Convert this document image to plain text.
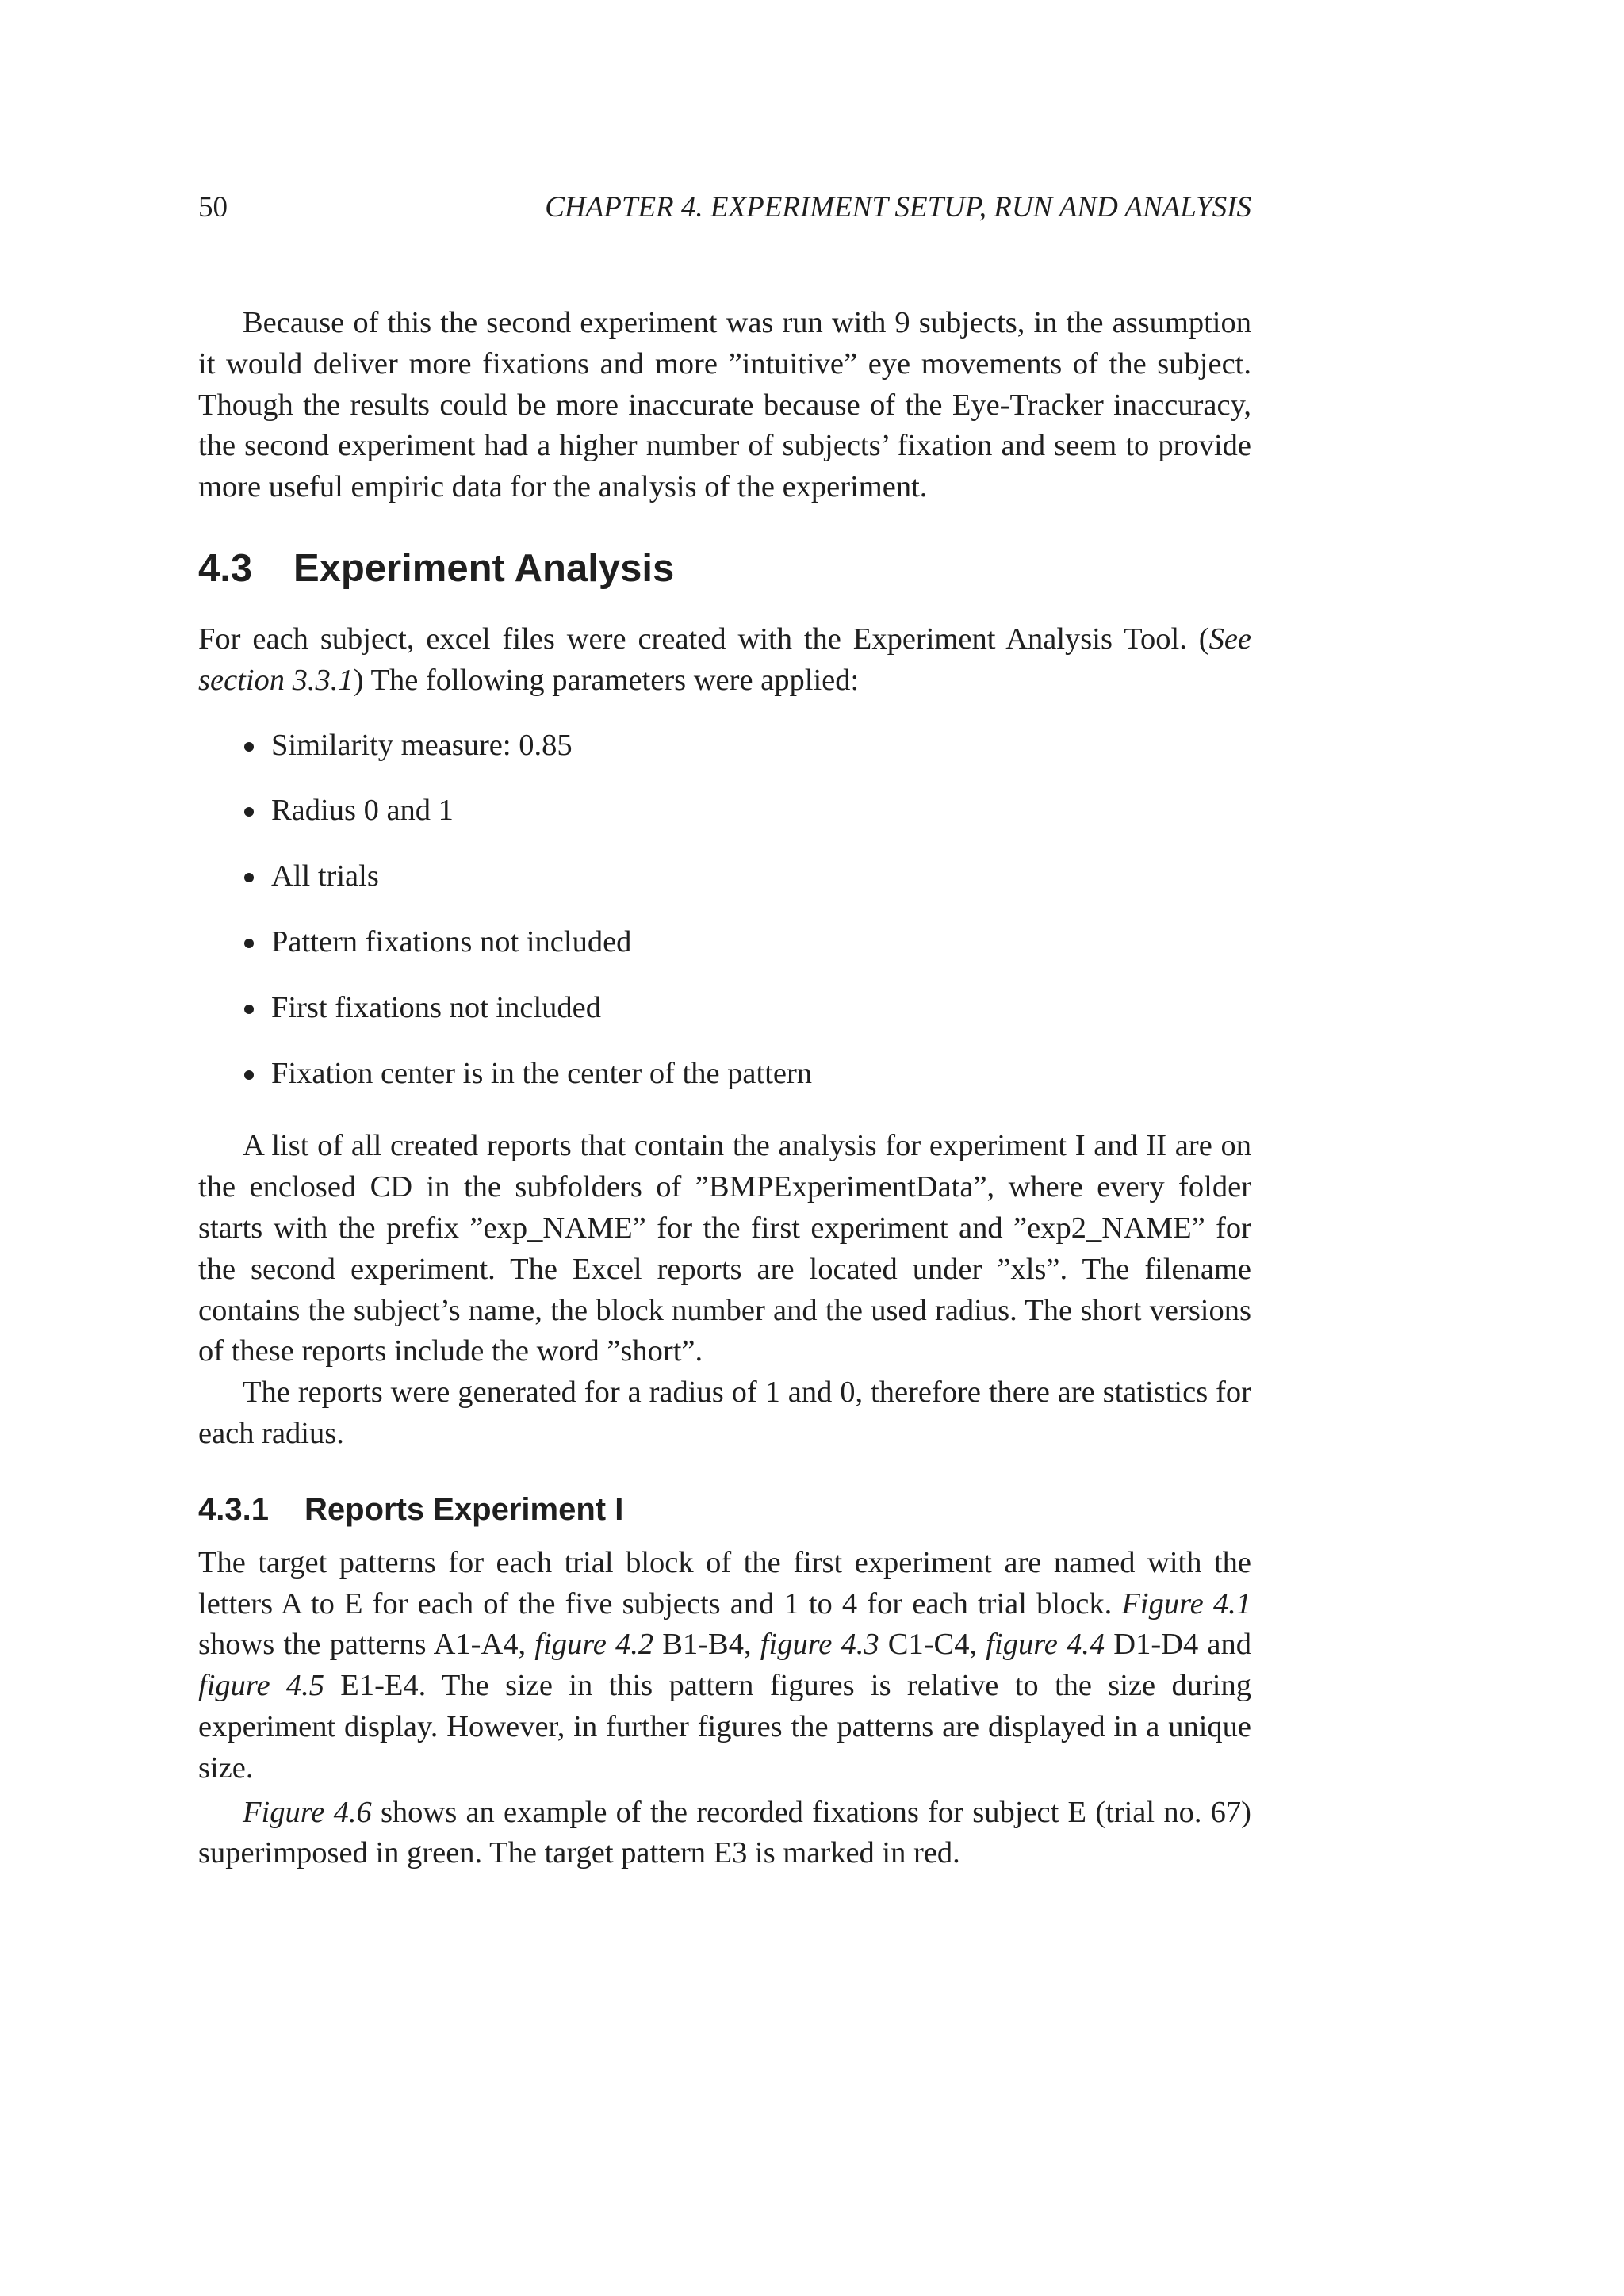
50	CHAPTER 4. EXPERIMENT SETUP, RUN AND ANALYSIS

Because of this the second experiment was run with 9 subjects, in the assumption it would deliver more fixations and more ”intuitive” eye movements of the subject. Though the results could be more inaccurate because of the Eye-Tracker inaccuracy, the second experiment had a higher number of subjects’ fixation and seem to provide more useful empiric data for the analysis of the experiment.

4.3 Experiment Analysis

For each subject, excel files were created with the Experiment Analysis Tool. (See section 3.3.1) The following parameters were applied:

Similarity measure: 0.85
Radius 0 and 1
All trials
Pattern fixations not included
First fixations not included
Fixation center is in the center of the pattern

A list of all created reports that contain the analysis for experiment I and II are on the enclosed CD in the subfolders of ”BMPExperimentData”, where every folder starts with the prefix ”exp_NAME” for the first experiment and ”exp2_NAME” for the second experiment. The Excel reports are located under ”xls”. The filename contains the subject’s name, the block number and the used radius. The short versions of these reports include the word ”short”.

The reports were generated for a radius of 1 and 0, therefore there are statistics for each radius.

4.3.1 Reports Experiment I

The target patterns for each trial block of the first experiment are named with the letters A to E for each of the five subjects and 1 to 4 for each trial block. Figure 4.1 shows the patterns A1-A4, figure 4.2 B1-B4, figure 4.3 C1-C4, figure 4.4 D1-D4 and figure 4.5 E1-E4. The size in this pattern figures is relative to the size during experiment display. However, in further figures the patterns are displayed in a unique size.

Figure 4.6 shows an example of the recorded fixations for subject E (trial no. 67) superimposed in green. The target pattern E3 is marked in red.
